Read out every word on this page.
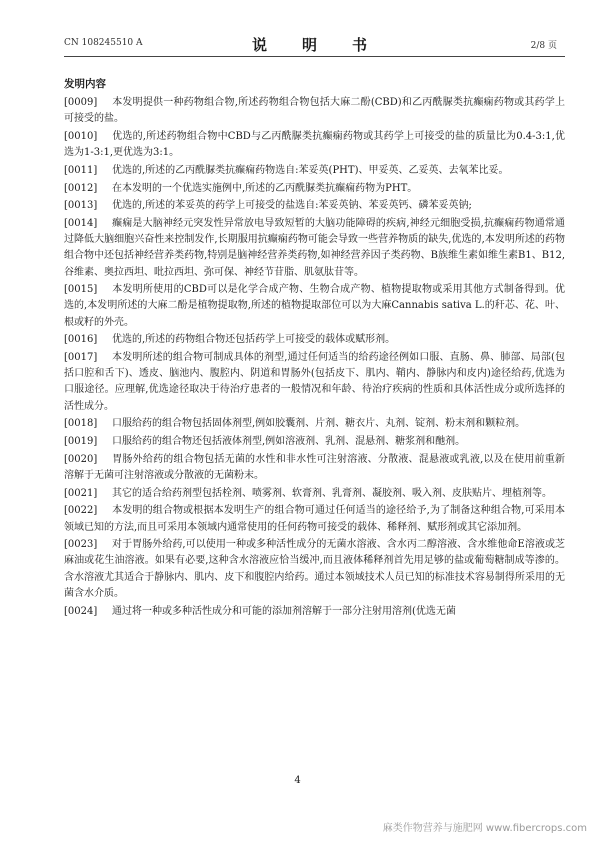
CN 108245510 A	说　明　书	2/8 页
发明内容
[0009] 本发明提供一种药物组合物,所述药物组合物包括大麻二酚(CBD)和乙丙酰脲类抗癫痫药物或其药学上可接受的盐。
[0010] 优选的,所述药物组合物中CBD与乙丙酰脲类抗癫痫药物或其药学上可接受的盐的质量比为0.4-3:1,优选为1-3:1,更优选为3:1。
[0011] 优选的,所述的乙丙酰脲类抗癫痫药物选自:苯妥英(PHT)、甲妥英、乙妥英、去氧苯比妥。
[0012] 在本发明的一个优选实施例中,所述的乙丙酰脲类抗癫痫药物为PHT。
[0013] 优选的,所述的苯妥英的药学上可接受的盐选自:苯妥英钠、苯妥英钙、磷苯妥英钠;
[0014] 癫痫是大脑神经元突发性异常放电导致短暂的大脑功能障碍的疾病,神经元细胞受损,抗癫痫药物通常通过降低大脑细胞兴奋性来控制发作,长期服用抗癫痫药物可能会导致一些营养物质的缺失,优选的,本发明所述的药物组合物中还包括神经营养类药物,特别是脑神经营养类药物,如神经营养因子类药物、B族维生素如维生素B1、B12,谷维素、奥拉西坦、吡拉西坦、弥可保、神经节苷脂、肌氨肽苷等。
[0015] 本发明所使用的CBD可以是化学合成产物、生物合成产物、植物提取物或采用其他方式制备得到。优选的,本发明所述的大麻二酚是植物提取物,所述的植物提取部位可以为大麻Cannabis sativa L.的秆芯、花、叶、根或籽的外壳。
[0016] 优选的,所述的药物组合物还包括药学上可接受的载体或赋形剂。
[0017] 本发明所述的组合物可制成具体的剂型,通过任何适当的给药途径例如口服、直肠、鼻、肺部、局部(包括口腔和舌下)、透皮、脑池内、腹腔内、阴道和胃肠外(包括皮下、肌内、鞘内、静脉内和皮内)途径给药,优选为口服途径。应理解,优选途径取决于待治疗患者的一般情况和年龄、待治疗疾病的性质和具体活性成分或所选择的活性成分。
[0018] 口服给药的组合物包括固体剂型,例如胶囊剂、片剂、糖衣片、丸剂、锭剂、粉末剂和颗粒剂。
[0019] 口服给药的组合物还包括液体剂型,例如溶液剂、乳剂、混悬剂、糖浆剂和酏剂。
[0020] 胃肠外给药的组合物包括无菌的水性和非水性可注射溶液、分散液、混悬液或乳液,以及在使用前重新溶解于无菌可注射溶液或分散液的无菌粉末。
[0021] 其它的适合给药剂型包括栓剂、喷雾剂、软膏剂、乳膏剂、凝胶剂、吸入剂、皮肤贴片、埋植剂等。
[0022] 本发明的组合物或根据本发明生产的组合物可通过任何适当的途径给予,为了制备这种组合物,可采用本领域已知的方法,而且可采用本领域内通常使用的任何药物可接受的载体、稀释剂、赋形剂或其它添加剂。
[0023] 对于胃肠外给药,可以使用一种或多种活性成分的无菌水溶液、含水丙二醇溶液、含水维他命E溶液或芝麻油或花生油溶液。如果有必要,这种含水溶液应恰当缓冲,而且液体稀释剂首先用足够的盐或葡萄糖制成等渗的。含水溶液尤其适合于静脉内、肌内、皮下和腹腔内给药。通过本领域技术人员已知的标准技术容易制得所采用的无菌含水介质。
[0024] 通过将一种或多种活性成分和可能的添加剂溶解于一部分注射用溶剂(优选无菌
4
麻类作物营养与施肥网 www.fibercrops.com
